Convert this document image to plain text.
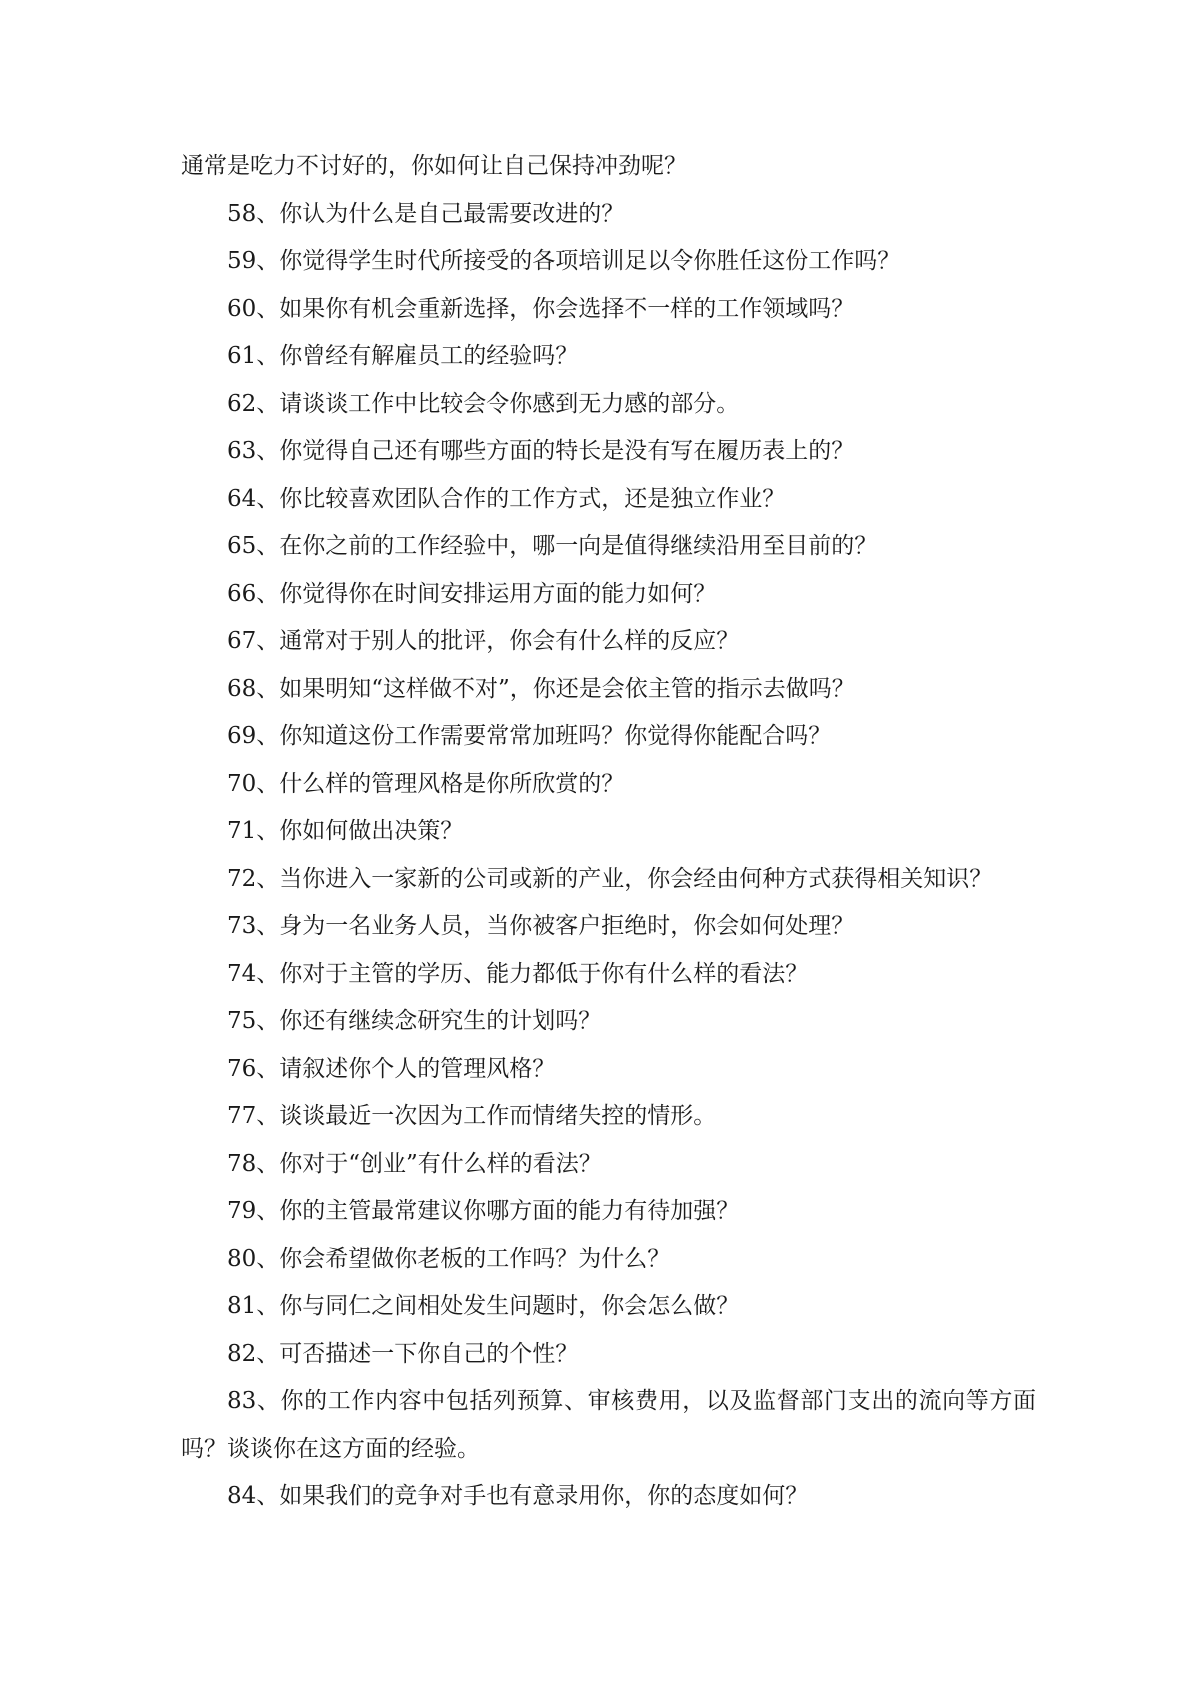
通常是吃力不讨好的，你如何让自己保持冲劲呢？

58、你认为什么是自己最需要改进的？

59、你觉得学生时代所接受的各项培训足以令你胜任这份工作吗？

60、如果你有机会重新选择，你会选择不一样的工作领域吗？

61、你曾经有解雇员工的经验吗？

62、请谈谈工作中比较会令你感到无力感的部分。

63、你觉得自己还有哪些方面的特长是没有写在履历表上的？

64、你比较喜欢团队合作的工作方式，还是独立作业？

65、在你之前的工作经验中，哪一向是值得继续沿用至目前的？

66、你觉得你在时间安排运用方面的能力如何？

67、通常对于别人的批评，你会有什么样的反应？

68、如果明知“这样做不对”，你还是会依主管的指示去做吗？

69、你知道这份工作需要常常加班吗？你觉得你能配合吗？

70、什么样的管理风格是你所欣赏的？

71、你如何做出决策？

72、当你进入一家新的公司或新的产业，你会经由何种方式获得相关知识？

73、身为一名业务人员，当你被客户拒绝时，你会如何处理？

74、你对于主管的学历、能力都低于你有什么样的看法？

75、你还有继续念研究生的计划吗？

76、请叙述你个人的管理风格？

77、谈谈最近一次因为工作而情绪失控的情形。

78、你对于“创业”有什么样的看法？

79、你的主管最常建议你哪方面的能力有待加强？

80、你会希望做你老板的工作吗？为什么？

81、你与同仁之间相处发生问题时，你会怎么做？

82、可否描述一下你自己的个性？

83、你的工作内容中包括列预算、审核费用，以及监督部门支出的流向等方面吗？谈谈你在这方面的经验。

84、如果我们的竞争对手也有意录用你，你的态度如何？
